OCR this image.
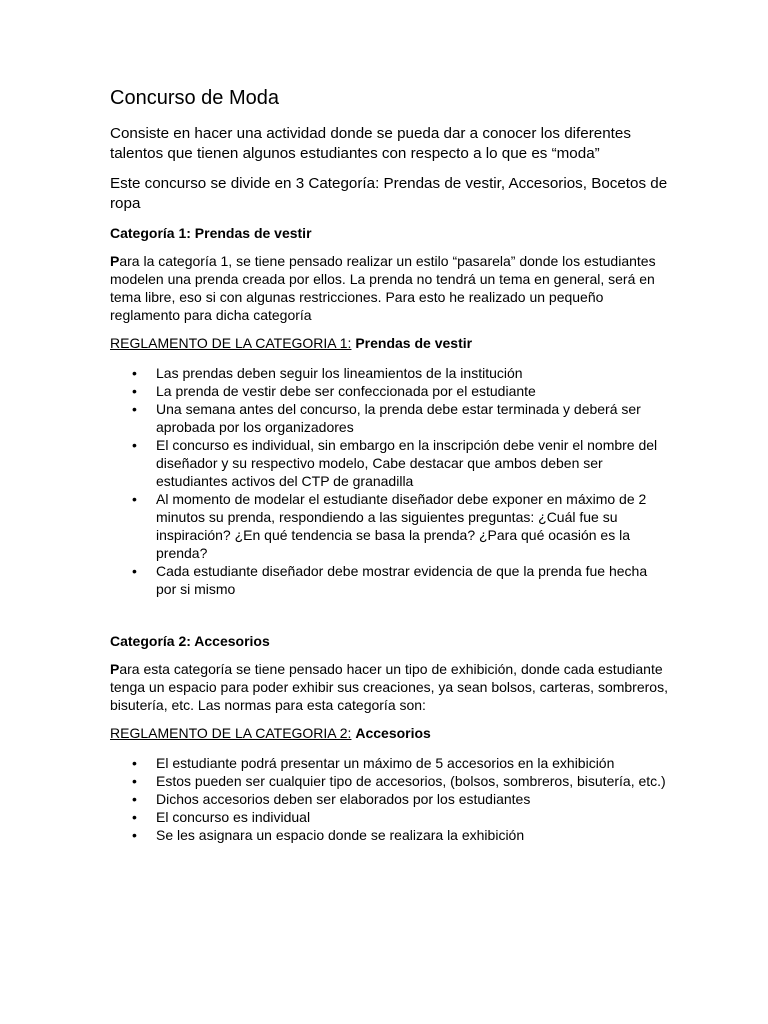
Concurso de Moda

Consiste en hacer una actividad donde se pueda dar a conocer los diferentes talentos que tienen algunos estudiantes con respecto a lo que es “moda”

Este concurso se divide en 3 Categoría: Prendas de vestir, Accesorios, Bocetos de ropa

Categoría 1: Prendas de vestir

Para la categoría 1, se tiene pensado realizar un estilo “pasarela” donde los estudiantes modelen una prenda creada por ellos. La prenda no tendrá un tema en general, será en tema libre, eso si con algunas restricciones. Para esto he realizado un pequeño reglamento para dicha categoría

REGLAMENTO DE LA CATEGORIA 1: Prendas de vestir
• Las prendas deben seguir los lineamientos de la institución
• La prenda de vestir debe ser confeccionada por el estudiante
• Una semana antes del concurso, la prenda debe estar terminada y deberá ser aprobada por los organizadores
• El concurso es individual, sin embargo en la inscripción debe venir el nombre del diseñador y su respectivo modelo, Cabe destacar que ambos deben ser estudiantes activos del CTP de granadilla
• Al momento de modelar el estudiante diseñador debe exponer en máximo de 2 minutos su prenda, respondiendo a las siguientes preguntas: ¿Cuál fue su inspiración? ¿En qué tendencia se basa la prenda? ¿Para qué ocasión es la prenda?
• Cada estudiante diseñador debe mostrar evidencia de que la prenda fue hecha por si mismo
Categoría 2: Accesorios

Para esta categoría se tiene pensado hacer un tipo de exhibición, donde cada estudiante tenga un espacio para poder exhibir sus creaciones, ya sean bolsos, carteras, sombreros, bisutería, etc. Las normas para esta categoría son:

REGLAMENTO DE LA CATEGORIA 2: Accesorios
• El estudiante podrá presentar un máximo de 5 accesorios en la exhibición
• Estos pueden ser cualquier tipo de accesorios, (bolsos, sombreros, bisutería, etc.)
• Dichos accesorios deben ser elaborados por los estudiantes
• El concurso es individual
• Se les asignara un espacio donde se realizara la exhibición
